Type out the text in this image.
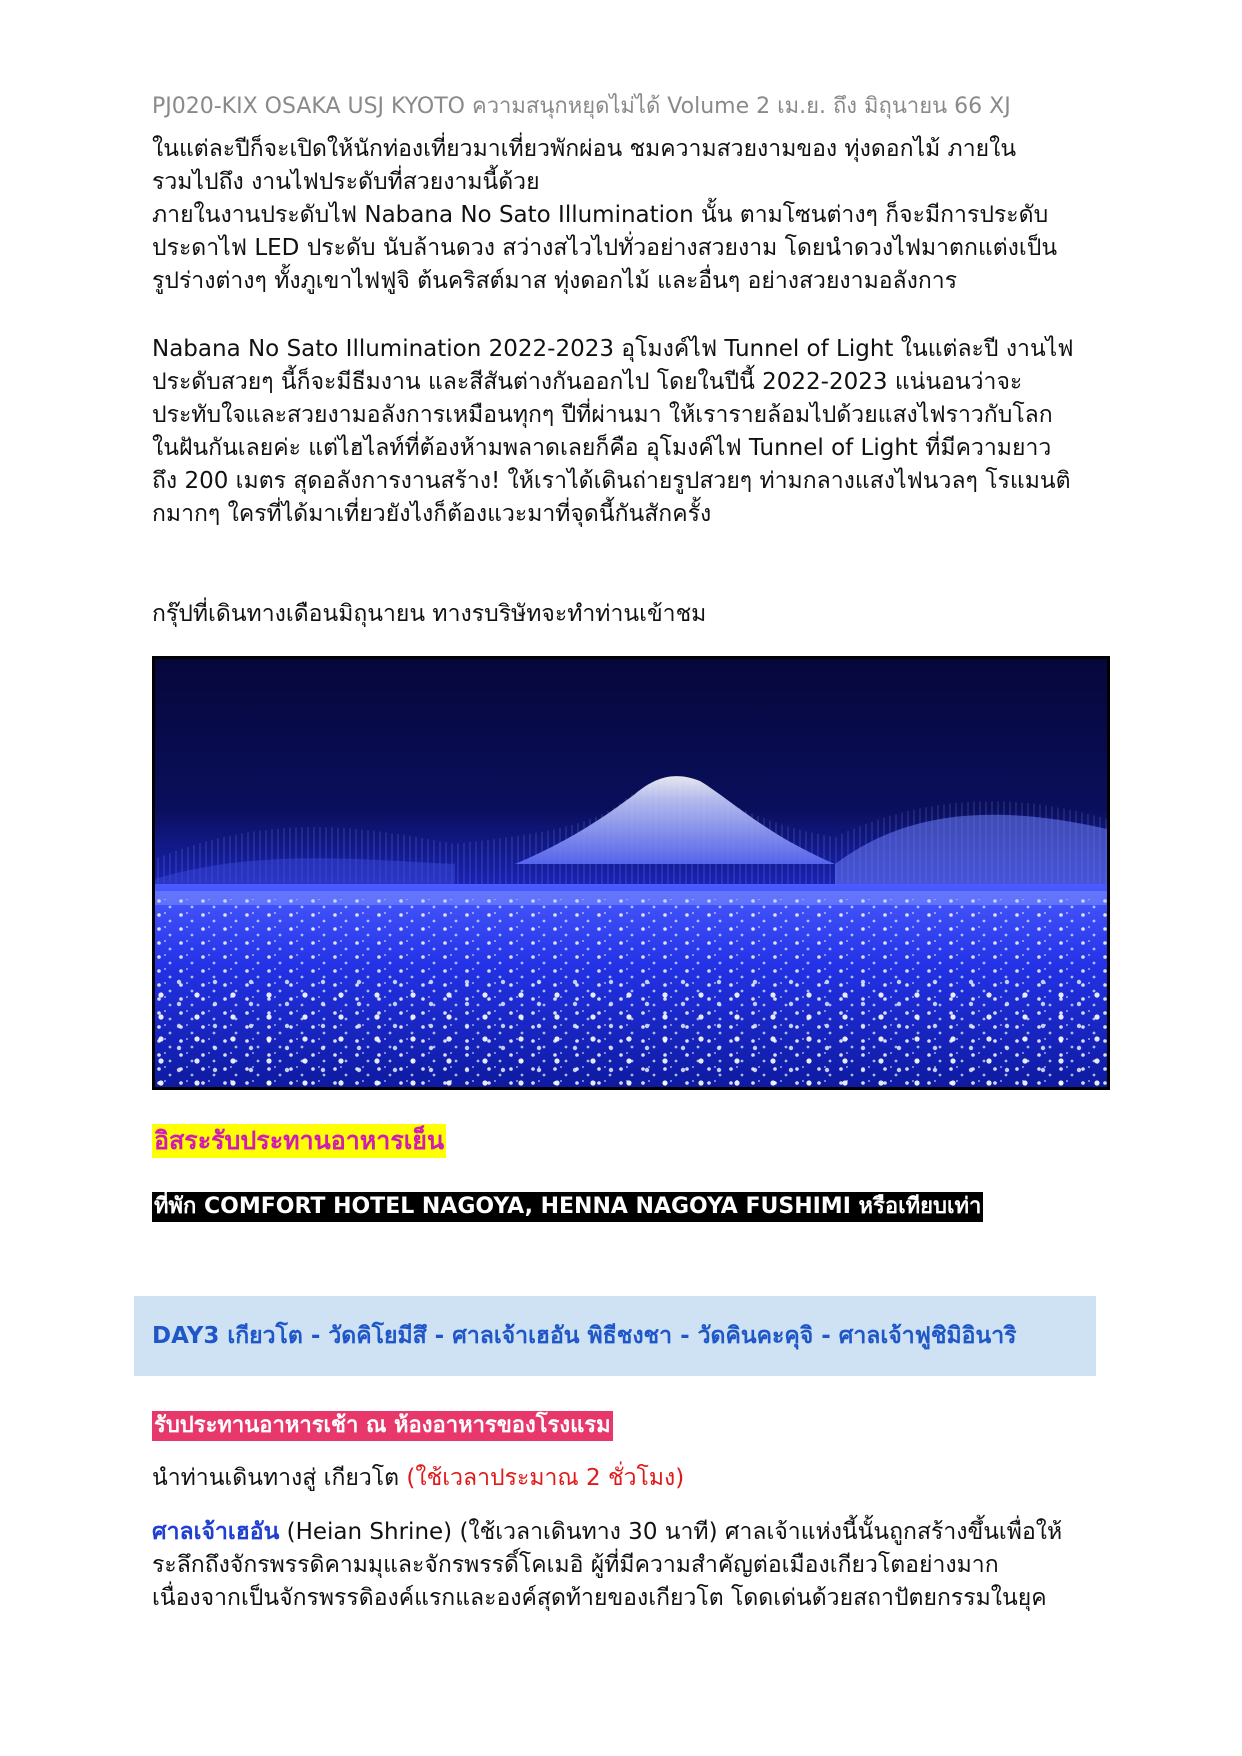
PJ020-KIX OSAKA USJ KYOTO ความสนุกหยุดไม่ได้ Volume 2 เม.ย. ถึง มิถุนายน 66 XJ

ในแต่ละปีก็จะเปิดให้นักท่องเที่ยวมาเที่ยวพักผ่อน ชมความสวยงามของ ทุ่งดอกไม้ ภายใน

รวมไปถึง งานไฟประดับที่สวยงามนี้ด้วย

ภายในงานประดับไฟ Nabana No Sato Illumination นั้น ตามโซนต่างๆ ก็จะมีการประดับ

ประดาไฟ LED ประดับ นับล้านดวง สว่างสไวไปทั่วอย่างสวยงาม โดยนำดวงไฟมาตกแต่งเป็น

รูปร่างต่างๆ ทั้งภูเขาไฟฟูจิ ต้นคริสต์มาส ทุ่งดอกไม้ และอื่นๆ อย่างสวยงามอลังการ

Nabana No Sato Illumination 2022-2023 อุโมงค์ไฟ Tunnel of Light ในแต่ละปี งานไฟ

ประดับสวยๆ นี้ก็จะมีธีมงาน และสีสันต่างกันออกไป โดยในปีนี้ 2022-2023 แน่นอนว่าจะ

ประทับใจและสวยงามอลังการเหมือนทุกๆ ปีที่ผ่านมา ให้เรารายล้อมไปด้วยแสงไฟราวกับโลก

ในฝันกันเลยค่ะ แต่ไฮไลท์ที่ต้องห้ามพลาดเลยก็คือ อุโมงค์ไฟ Tunnel of Light ที่มีความยาว

ถึง 200 เมตร สุดอลังการงานสร้าง! ให้เราได้เดินถ่ายรูปสวยๆ ท่ามกลางแสงไฟนวลๆ โรแมนติ

กมากๆ ใครที่ได้มาเที่ยวยังไงก็ต้องแวะมาที่จุดนี้กันสักครั้ง

กรุ๊ปที่เดินทางเดือนมิถุนายน ทางรบริษัทจะทำท่านเข้าชม
อิสระรับประทานอาหารเย็น
ที่พัก COMFORT HOTEL NAGOYA, HENNA NAGOYA FUSHIMI หรือเทียบเท่า
DAY3 เกียวโต - วัดคิโยมีสึ - ศาลเจ้าเฮอัน พิธีชงชา - วัดคินคะคุจิ - ศาลเจ้าฟูชิมิอินาริ
รับประทานอาหารเช้า ณ ห้องอาหารของโรงแรม
นำท่านเดินทางสู่ เกียวโต (ใช้เวลาประมาณ 2 ชั่วโมง)

ศาลเจ้าเฮอัน (Heian Shrine) (ใช้เวลาเดินทาง 30 นาที) ศาลเจ้าแห่งนี้นั้นถูกสร้างขึ้นเพื่อให้

ระลึกถึงจักรพรรดิคามมุและจักรพรรดิ์โคเมอิ ผู้ที่มีความสำคัญต่อเมืองเกียวโตอย่างมาก

เนื่องจากเป็นจักรพรรดิองค์แรกและองค์สุดท้ายของเกียวโต โดดเด่นด้วยสถาปัตยกรรมในยุค
